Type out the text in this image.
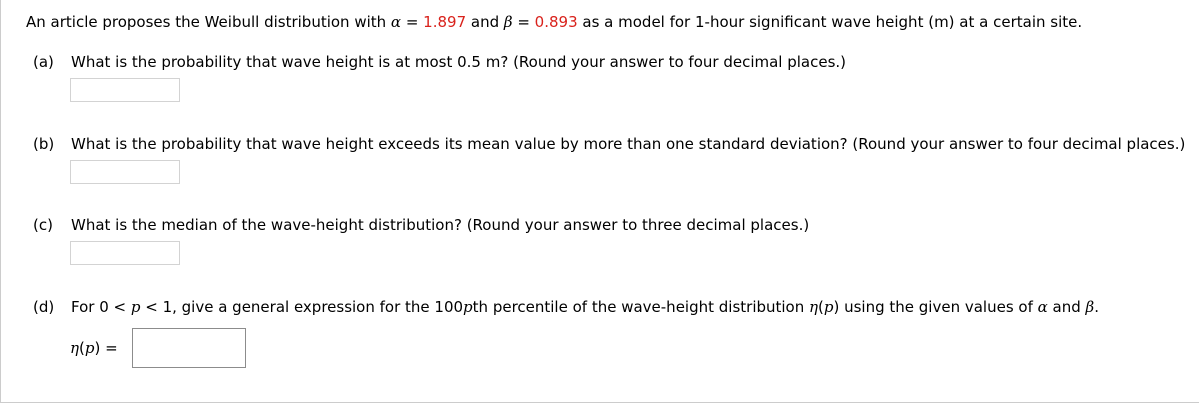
An article proposes the Weibull distribution with α = 1.897 and β = 0.893 as a model for 1-hour significant wave height (m) at a certain site.
(a) What is the probability that wave height is at most 0.5 m? (Round your answer to four decimal places.)
(b) What is the probability that wave height exceeds its mean value by more than one standard deviation? (Round your answer to four decimal places.)
(c) What is the median of the wave-height distribution? (Round your answer to three decimal places.)
(d) For 0 < p < 1, give a general expression for the 100pth percentile of the wave-height distribution η(p) using the given values of α and β.
η(p) =
